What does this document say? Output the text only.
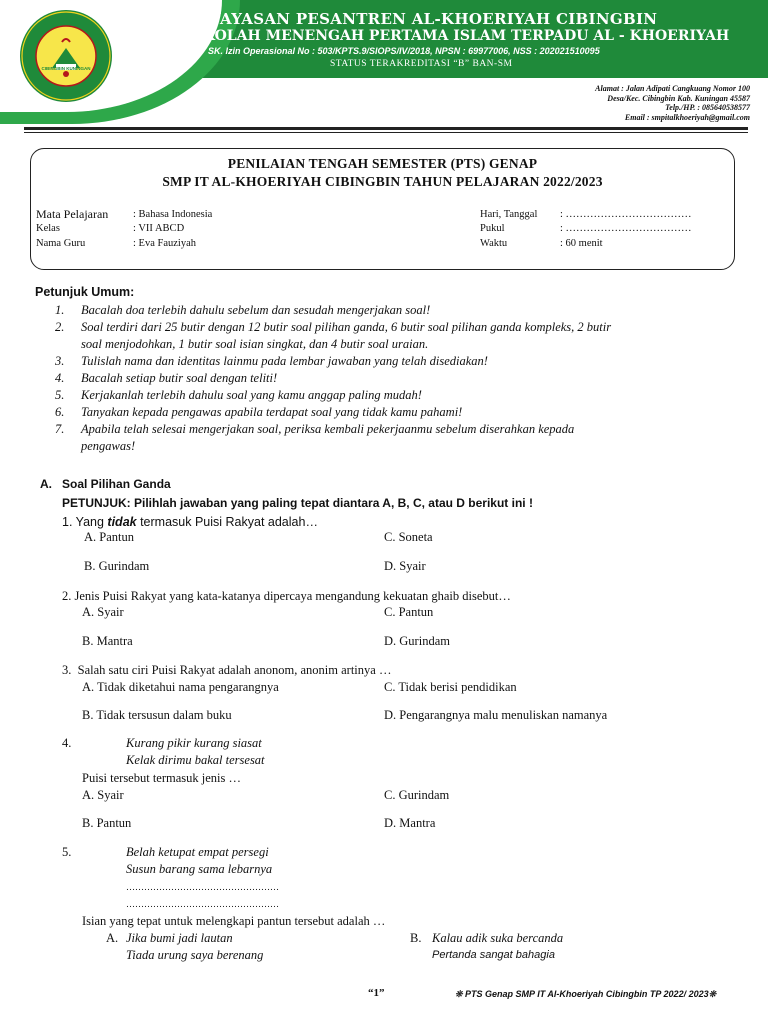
CIBINGBIN KUNINGAN
YAYASAN PESANTREN AL-KHOERIYAH CIBINGBIN
SEKOLAH MENENGAH PERTAMA ISLAM TERPADU AL - KHOERIYAH
SK. Izin Operasional No : 503/KPTS.9/SIOPS/IV/2018, NPSN : 69977006, NSS : 202021510095
STATUS TERAKREDITASI “B” BAN-SM
Alamat : Jalan Adipati Cangkuang Nomor 100
Desa/Kec. Cibingbin Kab. Kuningan 45587
Telp./HP. : 085640538577
Email : smpitalkhoeriyah@gmail.com
PENILAIAN TENGAH SEMESTER (PTS) GENAP
SMP IT AL-KHOERIYAH CIBINGBIN TAHUN PELAJARAN 2022/2023
Mata Pelajaran : Bahasa Indonesia
Kelas	: VII ABCD
Nama Guru	: Eva Fauziyah
Hari, Tanggal : ………………………………
Pukul	: ………………………………
Waktu	: 60 menit
Petunjuk Umum:
1. Bacalah doa terlebih dahulu sebelum dan sesudah mengerjakan soal!
2. Soal terdiri dari 25 butir dengan 12 butir soal pilihan ganda, 6 butir soal pilihan ganda kompleks, 2 butir
soal menjodohkan, 1 butir soal isian singkat, dan 4 butir soal uraian.
3. Tulislah nama dan identitas lainmu pada lembar jawaban yang telah disediakan!
4. Bacalah setiap butir soal dengan teliti!
5. Kerjakanlah terlebih dahulu soal yang kamu anggap paling mudah!
6. Tanyakan kepada pengawas apabila terdapat soal yang tidak kamu pahami!
7. Apabila telah selesai mengerjakan soal, periksa kembali pekerjaanmu sebelum diserahkan kepada
pengawas!
A.   Soal Pilihan Ganda
PETUNJUK: Pilihlah jawaban yang paling tepat diantara A, B, C, atau D berikut ini !
1. Yang tidak termasuk Puisi Rakyat adalah…
A. Pantun	C. Soneta
B. Gurindam	D. Syair
2. Jenis Puisi Rakyat yang kata-katanya dipercaya mengandung kekuatan ghaib disebut…
A. Syair	C. Pantun
B. Mantra	D. Gurindam
3.  Salah satu ciri Puisi Rakyat adalah anonom, anonim artinya …
A. Tidak diketahui nama pengarangnya	C. Tidak berisi pendidikan
B. Tidak tersusun dalam buku	D. Pengarangnya malu menuliskan namanya
4.	Kurang pikir kurang siasat
Kelak dirimu bakal tersesat
Puisi tersebut termasuk jenis …
A. Syair	C. Gurindam
B. Pantun	D. Mantra
5.	Belah ketupat empat persegi
Susun barang sama lebarnya
……………………………………………
……………………………………………
Isian yang tepat untuk melengkapi pantun tersebut adalah …
A. Jika bumi jadi lautan
Tiada urung saya berenang
B. Kalau adik suka bercanda
Pertanda sangat bahagia
“1”	❊ PTS Genap SMP IT Al-Khoeriyah Cibingbin TP 2022/ 2023❊
